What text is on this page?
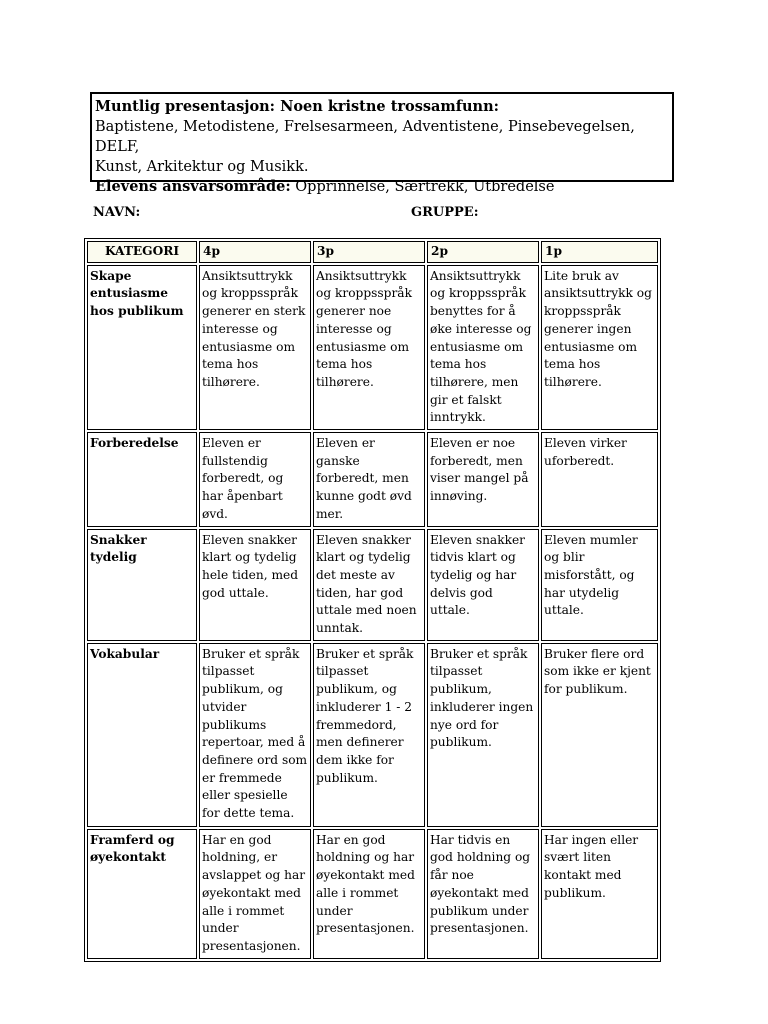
Muntlig presentasjon: Noen kristne trossamfunn:
Baptistene, Metodistene, Frelsesarmeen, Adventistene, Pinsebevegelsen, DELF,
Kunst, Arkitektur og Musikk.
Elevens ansvarsområde: Opprinnelse, Særtrekk, Utbredelse
NAVN:	GRUPPE:
KATEGORI	4p	3p	2p	1p
Skape entusiasme hos publikum	Ansiktsuttrykk og kroppsspråk generer en sterk interesse og entusiasme om tema hos tilhørere.	Ansiktsuttrykk og kroppsspråk generer noe interesse og entusiasme om tema hos tilhørere.	Ansiktsuttrykk og kroppsspråk benyttes for å øke interesse og entusiasme om tema hos tilhørere, men gir et falskt inntrykk.	Lite bruk av ansiktsuttrykk og kroppsspråk generer ingen entusiasme om tema hos tilhørere.
Forberedelse	Eleven er fullstendig forberedt, og har åpenbart øvd.	Eleven er ganske forberedt, men kunne godt øvd mer.	Eleven er noe forberedt, men viser mangel på innøving.	Eleven virker uforberedt.
Snakker tydelig	Eleven snakker klart og tydelig hele tiden, med god uttale.	Eleven snakker klart og tydelig det meste av tiden, har god uttale med noen unntak.	Eleven snakker tidvis klart og tydelig og har delvis god uttale.	Eleven mumler og blir misforstått, og har utydelig uttale.
Vokabular	Bruker et språk tilpasset publikum, og utvider publikums repertoar, med å definere ord som er fremmede eller spesielle for dette tema.	Bruker et språk tilpasset publikum, og inkluderer 1 - 2 fremmedord, men definerer dem ikke for publikum.	Bruker et språk tilpasset publikum, inkluderer ingen nye ord for publikum.	Bruker flere ord som ikke er kjent for publikum.
Framferd og øyekontakt	Har en god holdning, er avslappet og har øyekontakt med alle i rommet under presentasjonen.	Har en god holdning og har øyekontakt med alle i rommet under presentasjonen.	Har tidvis en god holdning og får noe øyekontakt med publikum under presentasjonen.	Har ingen eller svært liten kontakt med publikum.
